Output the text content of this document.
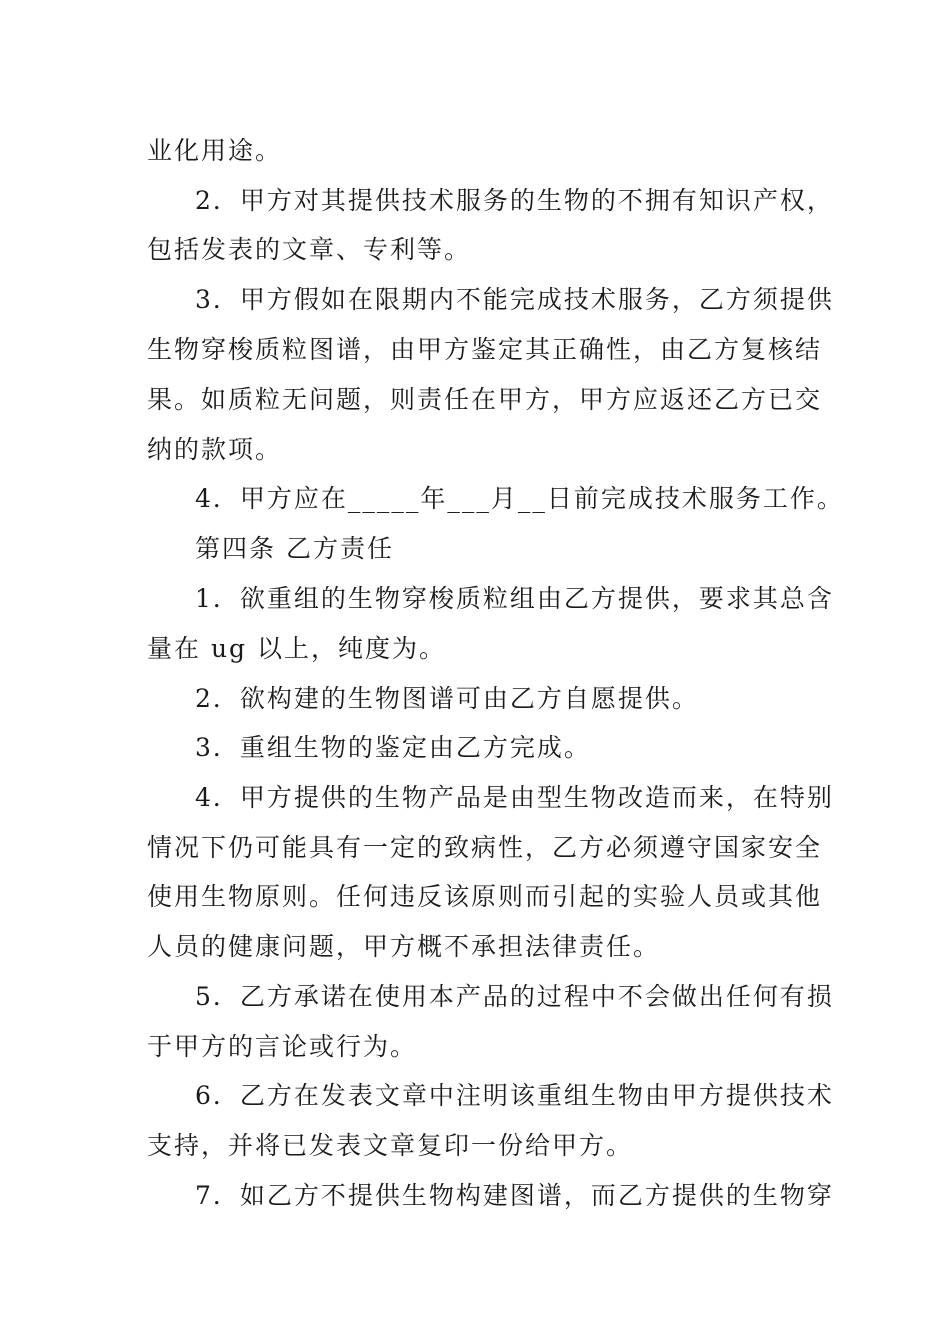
业化用途。
2．甲方对其提供技术服务的生物的不拥有知识产权，
包括发表的文章、专利等。
3．甲方假如在限期内不能完成技术服务，乙方须提供
生物穿梭质粒图谱，由甲方鉴定其正确性，由乙方复核结
果。如质粒无问题，则责任在甲方，甲方应返还乙方已交
纳的款项。
4．甲方应在_____年___月__日前完成技术服务工作。
第四条 乙方责任
1．欲重组的生物穿梭质粒组由乙方提供，要求其总含
量在 ug 以上，纯度为。
2．欲构建的生物图谱可由乙方自愿提供。
3．重组生物的鉴定由乙方完成。
4．甲方提供的生物产品是由型生物改造而来，在特别
情况下仍可能具有一定的致病性，乙方必须遵守国家安全
使用生物原则。任何违反该原则而引起的实验人员或其他
人员的健康问题，甲方概不承担法律责任。
5．乙方承诺在使用本产品的过程中不会做出任何有损
于甲方的言论或行为。
6．乙方在发表文章中注明该重组生物由甲方提供技术
支持，并将已发表文章复印一份给甲方。
7．如乙方不提供生物构建图谱，而乙方提供的生物穿
